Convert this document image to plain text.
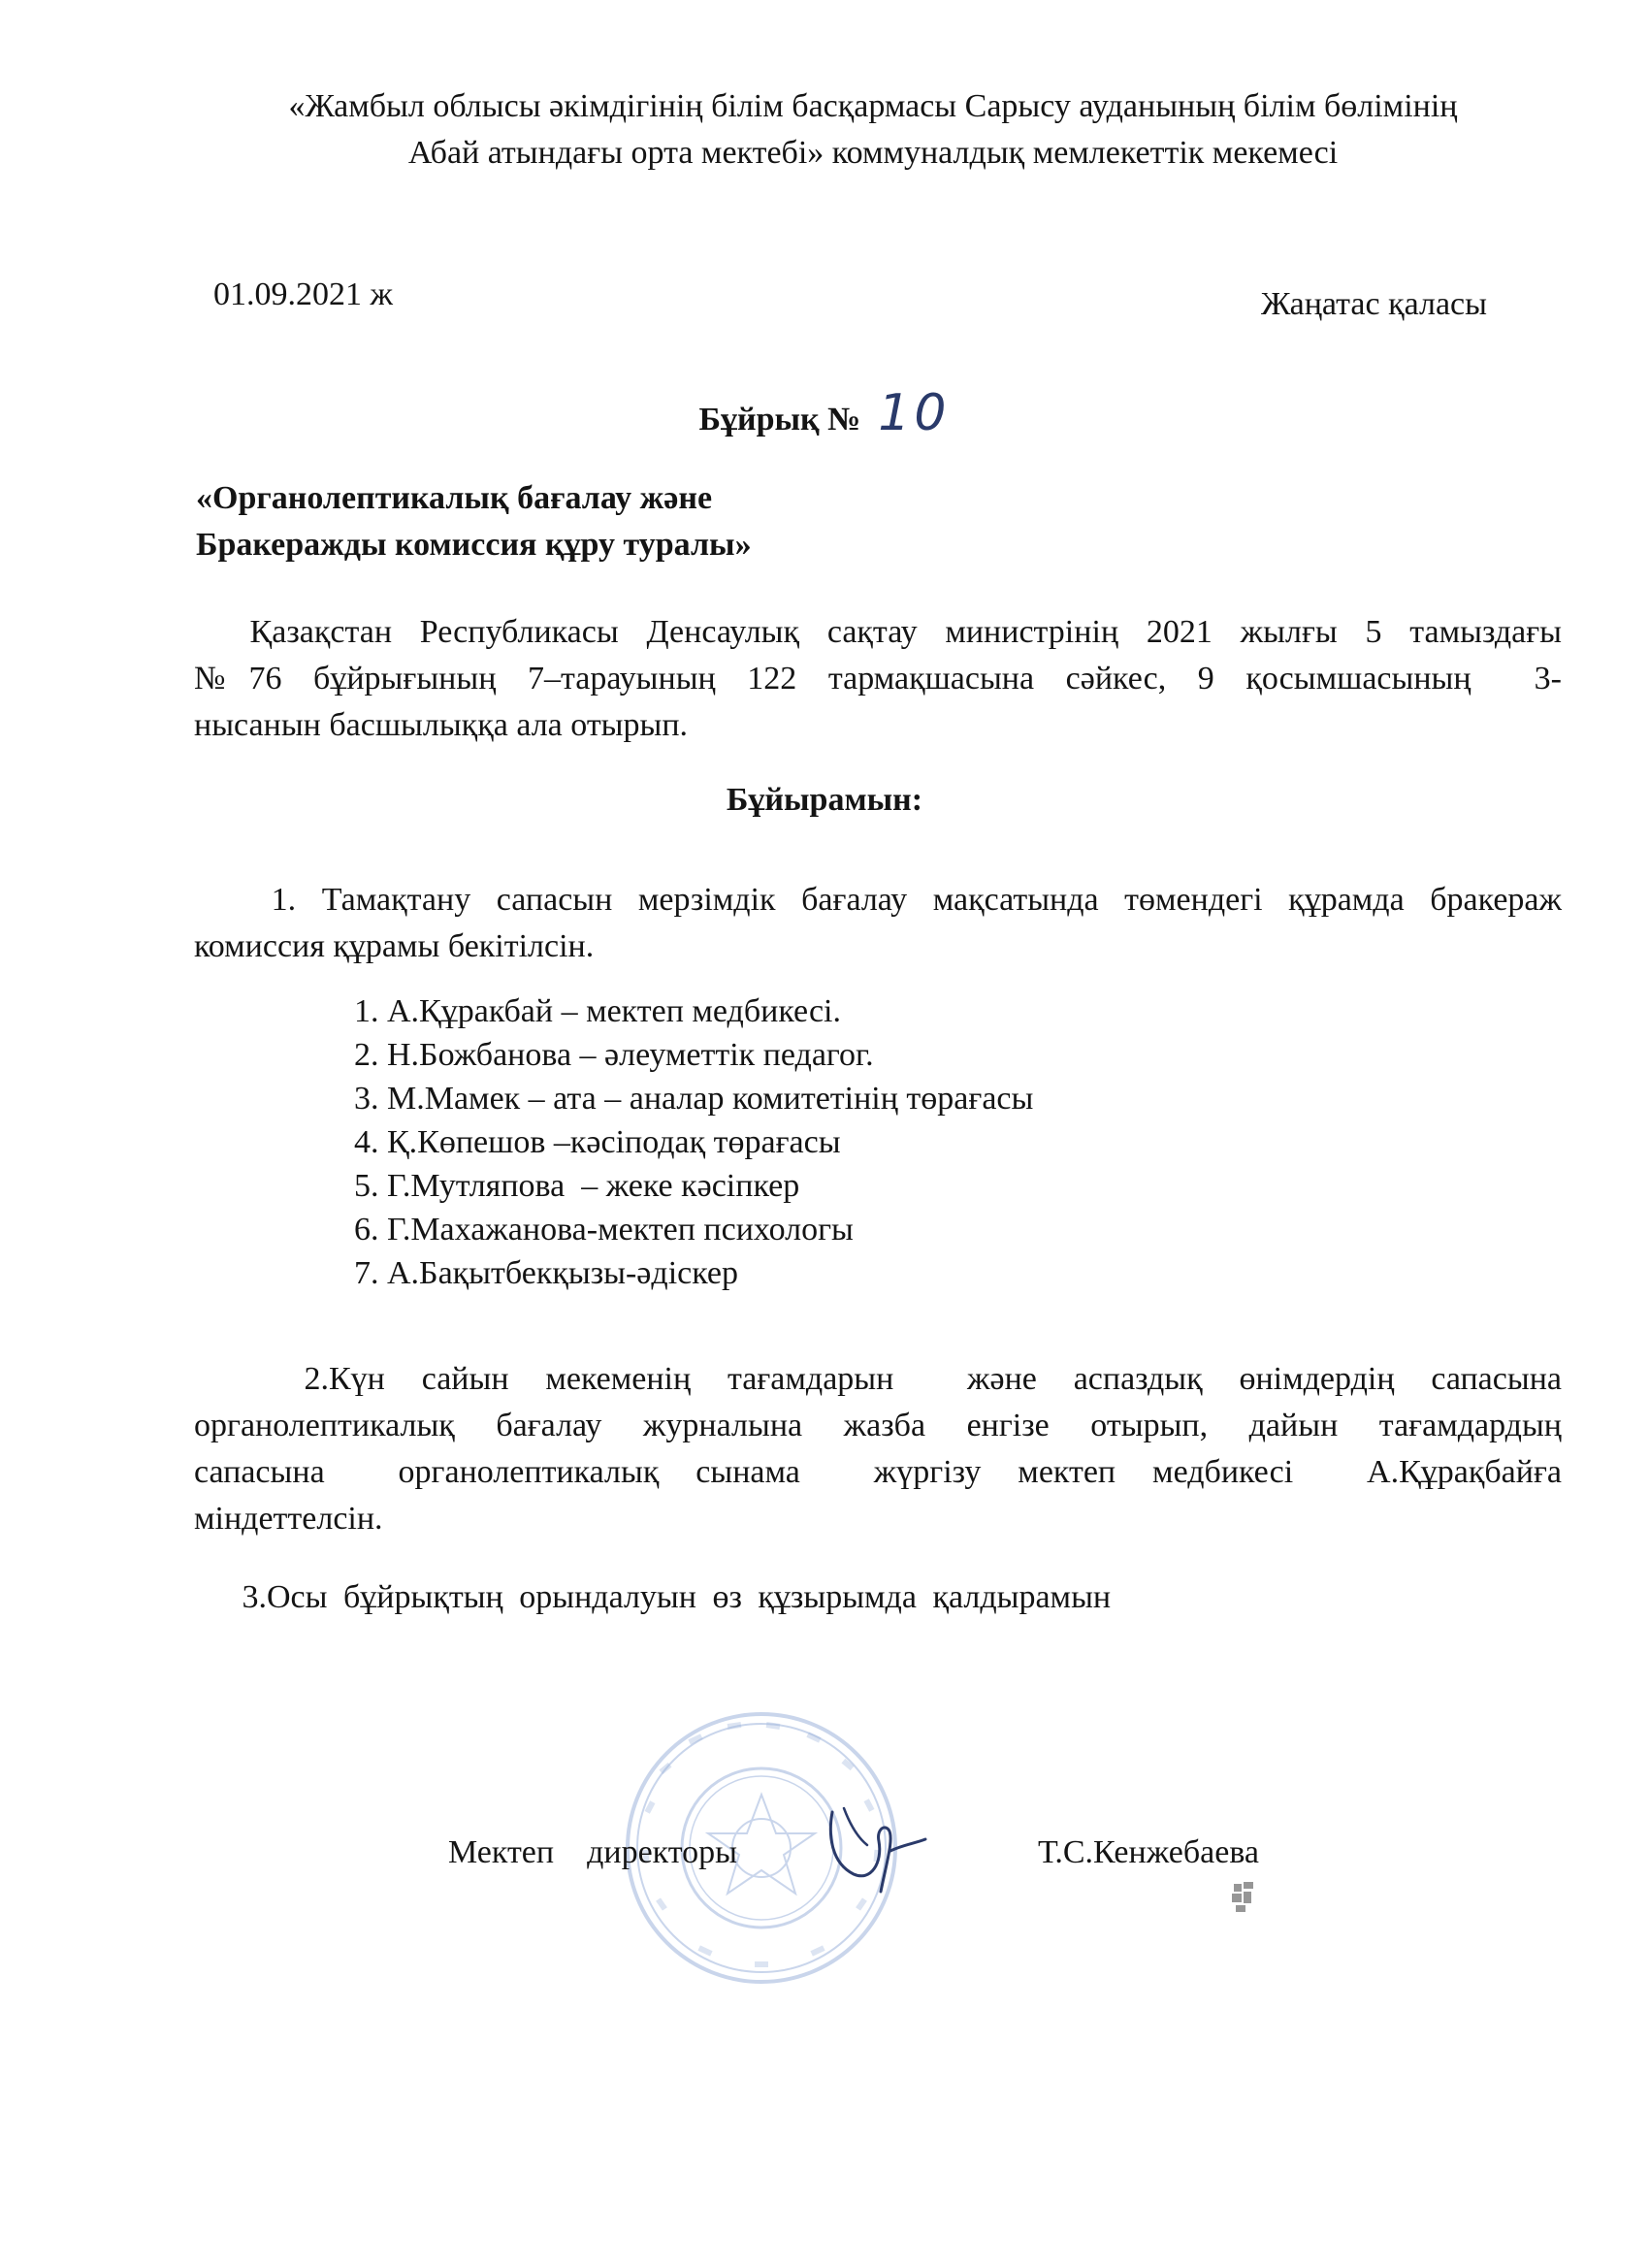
«Жамбыл облысы әкімдігінің білім басқармасы Сарысу ауданының білім бөлімінің
Абай атындағы орта мектебі» коммуналдық мемлекеттік мекемесі
01.09.2021 ж	Жаңатас қаласы
Бұйрық № 10
«Органолептикалық бағалау және
Бракеражды комиссия құру туралы»
Қазақстан Республикасы Денсаулық сақтау министрінің 2021 жылғы 5 тамыздағы
№76 бұйрығының 7–тарауының 122 тармақшасына сәйкес, 9 қосымшасының  3-
нысанын басшылыққа ала отырып.
Бұйырамын:
1. Тамақтану сапасын мерзімдік бағалау мақсатында төмендегі құрамда бракераж
комиссия құрамы бекітілсін.
1. А.Құракбай – мектеп медбикесі.
2. Н.Божбанова – әлеуметтік педагог.
3. М.Мамек – ата – аналар комитетінің төрағасы
4. Қ.Көпешов –кәсіподақ төрағасы
5. Г.Мутляпова  – жеке кәсіпкер
6. Г.Махажанова-мектеп психологы
7. А.Бақытбекқызы-әдіскер
2.Күн сайын мекеменің тағамдарын  және аспаздық өнімдердің сапасына
органолептикалық бағалау журналына жазба енгізе отырып, дайын тағамдардың
сапасына  органолептикалық сынама  жүргізу мектеп медбикесі  А.Құрақбайға
міндеттелсін.
3.Осы бұйрықтың орындалуын өз құзырымда қалдырамын
Мектеп    директоры	Т.С.Кенжебаева
